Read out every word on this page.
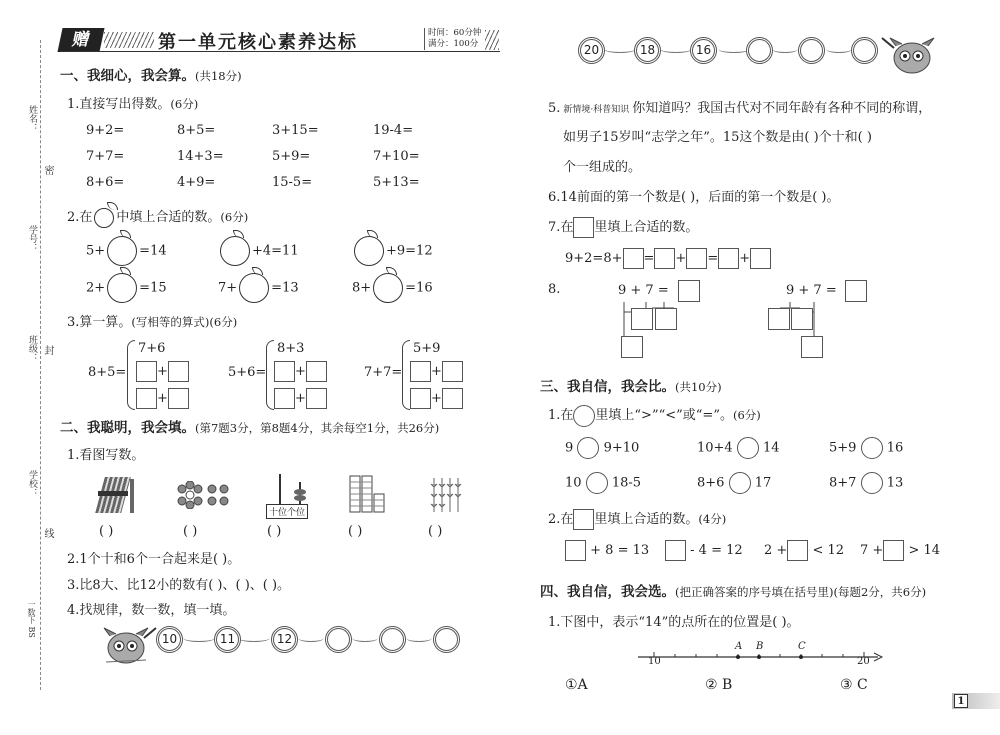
姓名：
学号：
班级：
学校：
密
封
线
一数下 BS
赠	第一单元核心素养达标	时间：60分钟
满分：100分
一、我细心，我会算。(共18分)
1.直接写出得数。(6分)
9+2=	8+5=	3+15=	19-4=
7+7=	14+3=	5+9=	7+10=
8+6=	4+9=	15-5=	5+13=
2.在 中填上合适的数。(6分)
5+	=14	+4=11	+9=12
2+	=15	7+	=13	8+	=16
3.算一算。(写相等的算式)(6分)
8+5=
7+6
+
+
5+6=
8+3
+
+
7+7=
5+9
+
+
二、我聪明，我会填。(第7题3分，第8题4分，其余每空1分，共26分)
1.看图写数。
十位个位
( )	( )	( )	( )	( )
2.1个十和6个一合起来是( )。
3.比8大、比12小的数有( )、( )、( )。
4.找规律，数一数，填一填。
10	11	12
20	18	16
5. 新情境·科普知识 你知道吗？我国古代对不同年龄有各种不同的称谓，
如男子15岁叫“志学之年”。15这个数是由( )个十和( )
个一组成的。
6.14前面的第一个数是( )，后面的第一个数是( )。
7.在 里填上合适的数。
9+2=8+ = + = +
8.	9 + 7 =	9 + 7 =
三、我自信，我会比。(共10分)
1.在 里填上“>”“<”或“=”。(6分)
9 9+10	10+4 14	5+9 16
10 18-5	8+6 17	8+7 13
2.在 里填上合适的数。(4分)
+ 8 = 13	- 4 = 12 2 + < 12 7 + > 14
四、我自信，我会选。(把正确答案的序号填在括号里)(每题2分，共6分)
1.下图中，表示“14”的点所在的位置是( )。
10	20
A B	C
①A	② B	③ C
1
